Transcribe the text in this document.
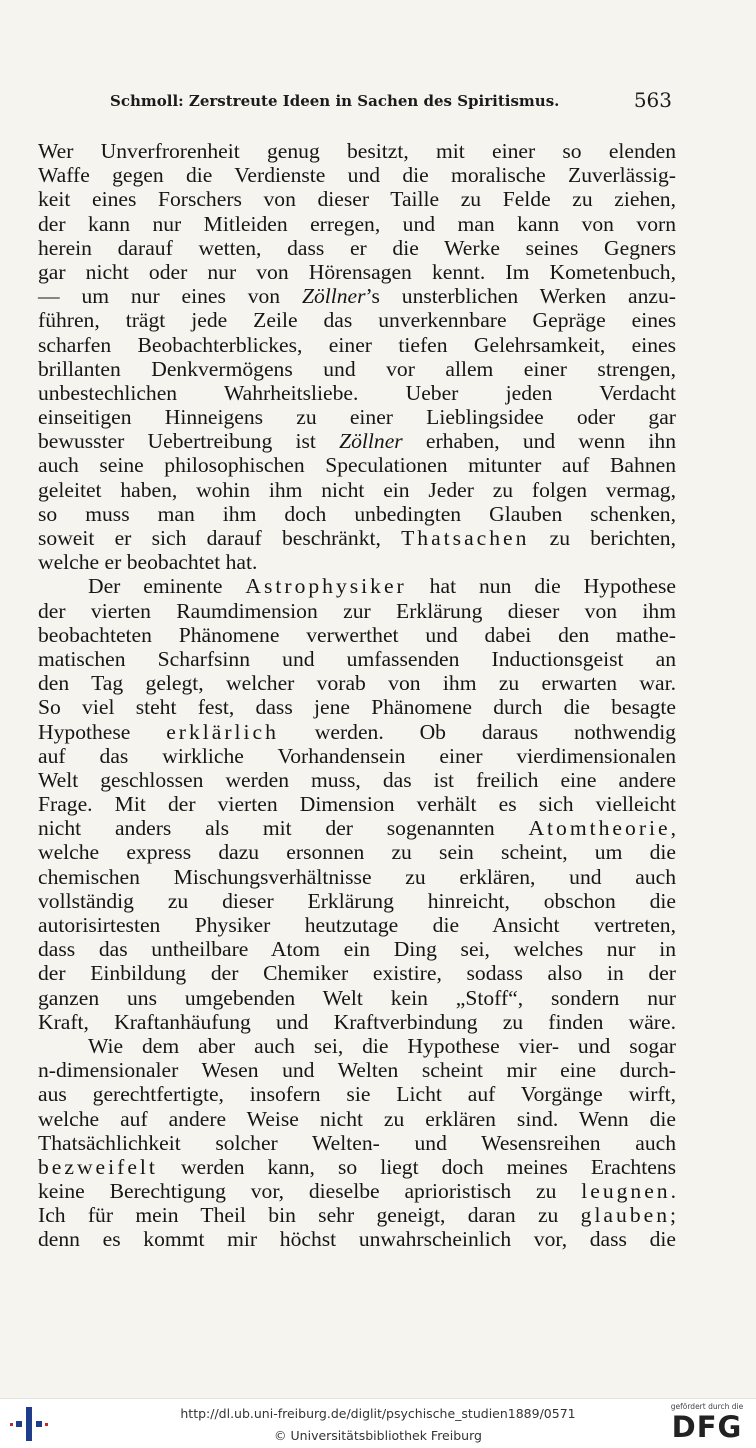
Schmoll: Zerstreute Ideen in Sachen des Spiritismus.	563
Wer Unverfrorenheit genug besitzt, mit einer so elenden
Waffe gegen die Verdienste und die moralische Zuverlässig-
keit eines Forschers von dieser Taille zu Felde zu ziehen,
der kann nur Mitleiden erregen, und man kann von vorn
herein darauf wetten, dass er die Werke seines Gegners
gar nicht oder nur von Hörensagen kennt. Im Kometenbuch,
— um nur eines von Zöllner’s unsterblichen Werken anzu-
führen, trägt jede Zeile das unverkennbare Gepräge eines
scharfen Beobachterblickes, einer tiefen Gelehrsamkeit, eines
brillanten Denkvermögens und vor allem einer strengen,
unbestechlichen Wahrheitsliebe. Ueber jeden Verdacht
einseitigen Hinneigens zu einer Lieblingsidee oder gar
bewusster Uebertreibung ist Zöllner erhaben, und wenn ihn
auch seine philosophischen Speculationen mitunter auf Bahnen
geleitet haben, wohin ihm nicht ein Jeder zu folgen vermag,
so muss man ihm doch unbedingten Glauben schenken,
soweit er sich darauf beschränkt, Thatsachen zu berichten,
welche er beobachtet hat.
Der eminente Astrophysiker hat nun die Hypothese
der vierten Raumdimension zur Erklärung dieser von ihm
beobachteten Phänomene verwerthet und dabei den mathe-
matischen Scharfsinn und umfassenden Inductionsgeist an
den Tag gelegt, welcher vorab von ihm zu erwarten war.
So viel steht fest, dass jene Phänomene durch die besagte
Hypothese erklärlich werden. Ob daraus nothwendig
auf das wirkliche Vorhandensein einer vierdimensionalen
Welt geschlossen werden muss, das ist freilich eine andere
Frage. Mit der vierten Dimension verhält es sich vielleicht
nicht anders als mit der sogenannten Atomtheorie,
welche express dazu ersonnen zu sein scheint, um die
chemischen Mischungsverhältnisse zu erklären, und auch
vollständig zu dieser Erklärung hinreicht, obschon die
autorisirtesten Physiker heutzutage die Ansicht vertreten,
dass das untheilbare Atom ein Ding sei, welches nur in
der Einbildung der Chemiker existire, sodass also in der
ganzen uns umgebenden Welt kein „Stoff“, sondern nur
Kraft, Kraftanhäufung und Kraftverbindung zu finden wäre.
Wie dem aber auch sei, die Hypothese vier- und sogar
n-dimensionaler Wesen und Welten scheint mir eine durch-
aus gerechtfertigte, insofern sie Licht auf Vorgänge wirft,
welche auf andere Weise nicht zu erklären sind. Wenn die
Thatsächlichkeit solcher Welten- und Wesensreihen auch
bezweifelt werden kann, so liegt doch meines Erachtens
keine Berechtigung vor, dieselbe aprioristisch zu leugnen.
Ich für mein Theil bin sehr geneigt, daran zu glauben;
denn es kommt mir höchst unwahrscheinlich vor, dass die
http://dl.ub.uni-freiburg.de/diglit/psychische_studien1889/0571
© Universitätsbibliothek Freiburg
gefördert durch die
DFG
